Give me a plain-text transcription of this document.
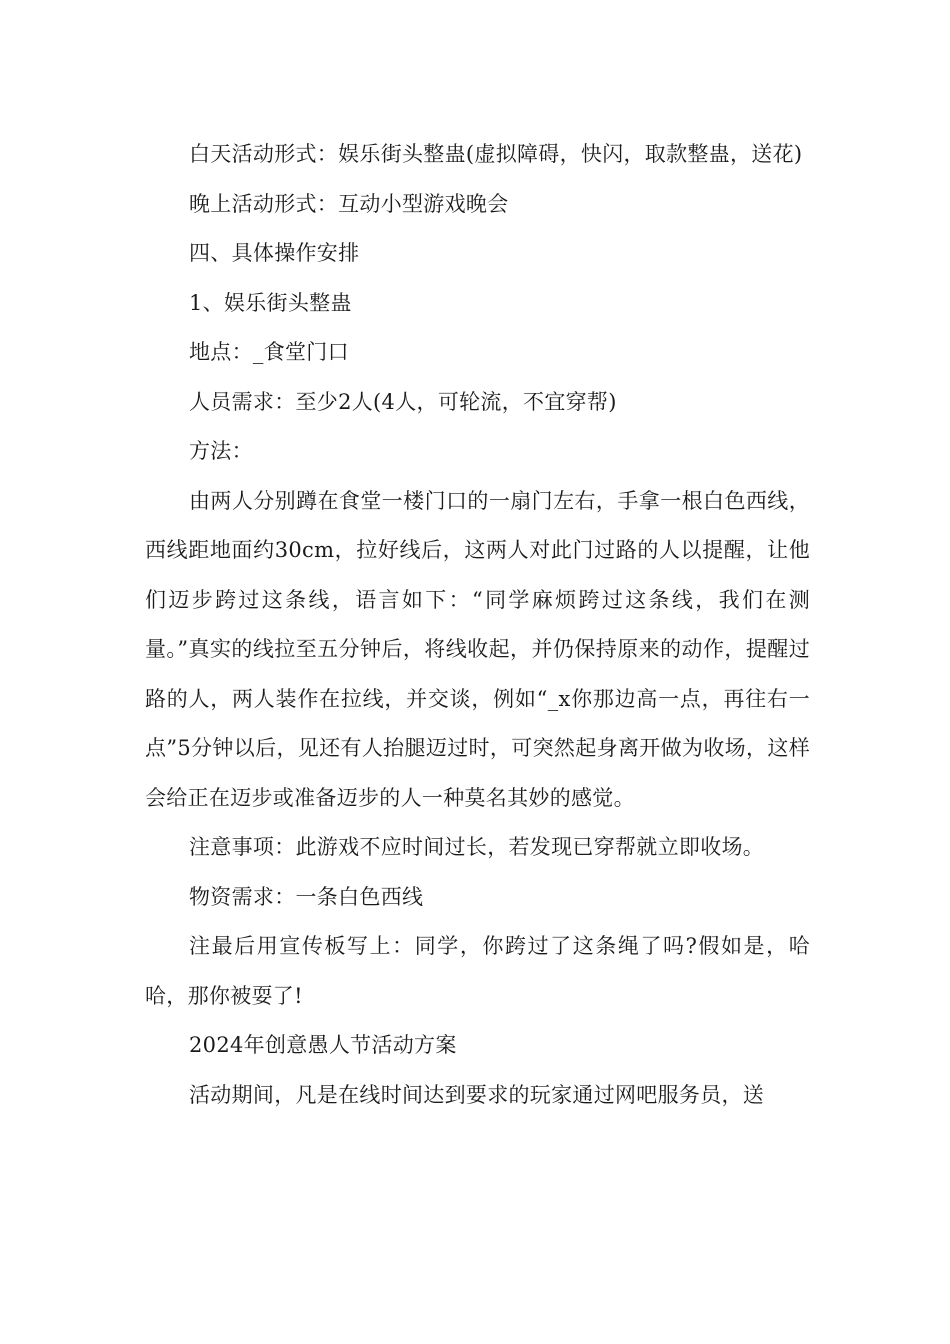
白天活动形式：娱乐街头整蛊(虚拟障碍，快闪，取款整蛊，送花)

晚上活动形式：互动小型游戏晚会

四、具体操作安排

1、娱乐街头整蛊

地点：_食堂门口

人员需求：至少2人(4人，可轮流，不宜穿帮)

方法：

由两人分别蹲在食堂一楼门口的一扇门左右，手拿一根白色西线，西线距地面约30cm，拉好线后，这两人对此门过路的人以提醒，让他们迈步跨过这条线，语言如下：“同学麻烦跨过这条线，我们在测量。”真实的线拉至五分钟后，将线收起，并仍保持原来的动作，提醒过路的人，两人装作在拉线，并交谈，例如“_x你那边高一点，再往右一点”5分钟以后，见还有人抬腿迈过时，可突然起身离开做为收场，这样会给正在迈步或准备迈步的人一种莫名其妙的感觉。

注意事项：此游戏不应时间过长，若发现已穿帮就立即收场。

物资需求：一条白色西线

注最后用宣传板写上：同学，你跨过了这条绳了吗?假如是，哈哈，那你被耍了!

2024年创意愚人节活动方案

活动期间，凡是在线时间达到要求的玩家通过网吧服务员，送
